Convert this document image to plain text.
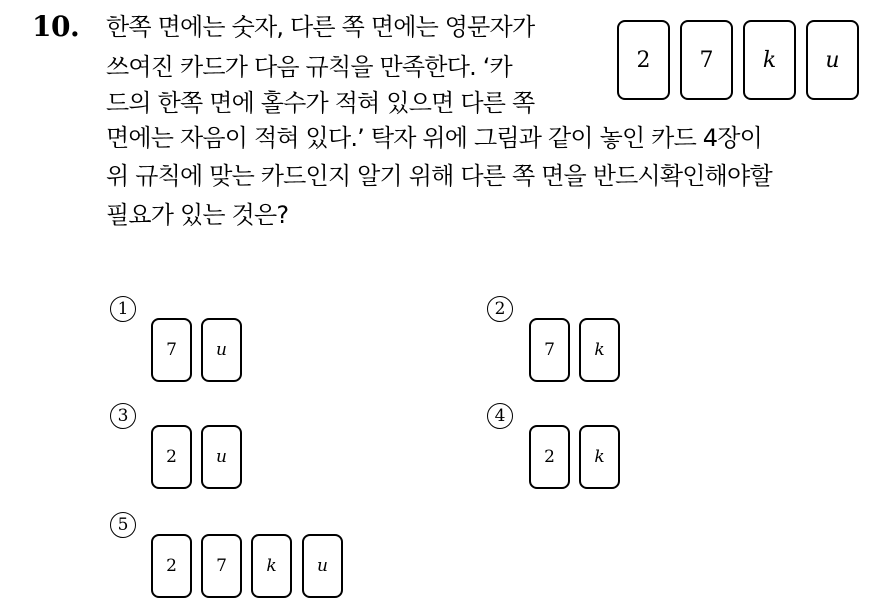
10. 한쪽 면에는 숫자, 다른 쪽 면에는 영문자가
쓰여진 카드가 다음 규칙을 만족한다. ‘카
드의 한쪽 면에 홀수가 적혀 있으면 다른 쪽
면에는 자음이 적혀 있다.’ 탁자 위에 그림과 같이 놓인 카드 4장이
위 규칙에 맞는 카드인지 알기 위해 다른 쪽 면을 반드시확인해야할
필요가 있는 것은?
2	7	k	u
1
7	u
2
7	k
3
2	u
4
2	k
5
2	7	k	u
